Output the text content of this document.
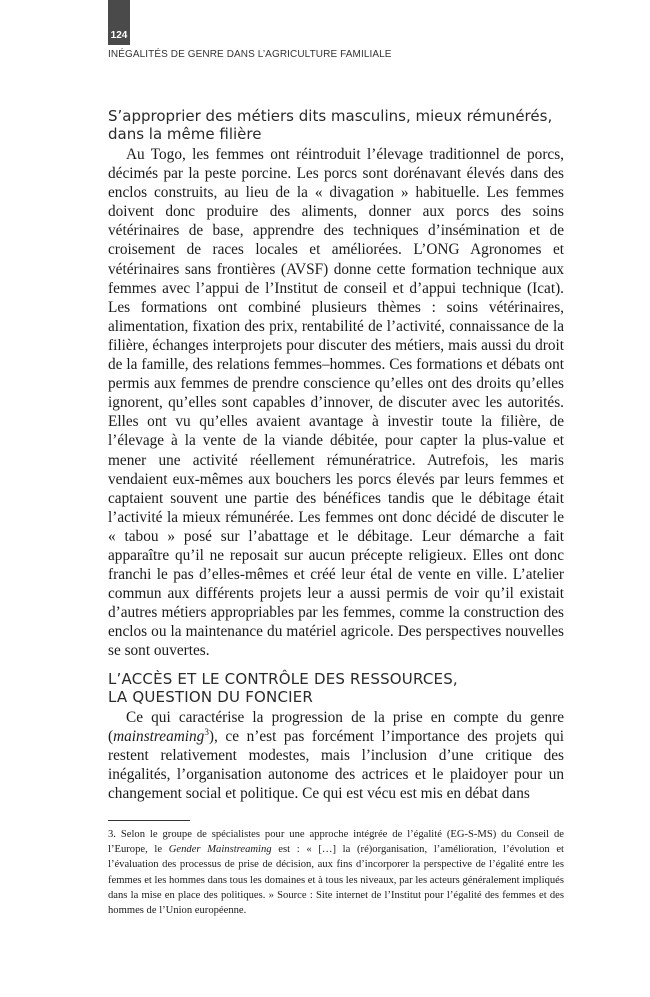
124
INÉGALITÉS DE GENRE DANS L’AGRICULTURE FAMILIALE
S’approprier des métiers dits masculins, mieux rémunérés,
dans la même filière

Au Togo, les femmes ont réintroduit l’élevage traditionnel de porcs, décimés par la peste porcine. Les porcs sont dorénavant élevés dans des enclos construits, au lieu de la « divagation » habituelle. Les femmes doivent donc produire des aliments, donner aux porcs des soins vétérinaires de base, apprendre des techniques d’insémination et de croisement de races locales et améliorées. L’ONG Agronomes et vétérinaires sans frontières (AVSF) donne cette formation technique aux femmes avec l’appui de l’Institut de conseil et d’appui technique (Icat). Les formations ont combiné plusieurs thèmes : soins vétérinaires, alimentation, fixation des prix, rentabilité de l’activité, connaissance de la filière, échanges interprojets pour discuter des métiers, mais aussi du droit de la famille, des relations femmes–hommes. Ces formations et débats ont permis aux femmes de prendre conscience qu’elles ont des droits qu’elles ignorent, qu’elles sont capables d’innover, de discuter avec les autorités. Elles ont vu qu’elles avaient avantage à investir toute la filière, de l’élevage à la vente de la viande débitée, pour capter la plus-value et mener une activité réellement rémunératrice. Autrefois, les maris vendaient eux-mêmes aux bouchers les porcs élevés par leurs femmes et captaient souvent une partie des bénéfices tandis que le débitage était l’activité la mieux rémunérée. Les femmes ont donc décidé de discuter le « tabou » posé sur l’abattage et le débitage. Leur démarche a fait apparaître qu’il ne reposait sur aucun précepte religieux. Elles ont donc franchi le pas d’elles-mêmes et créé leur étal de vente en ville. L’atelier commun aux différents projets leur a aussi permis de voir qu’il existait d’autres métiers appropriables par les femmes, comme la construction des enclos ou la maintenance du matériel agricole. Des perspectives nouvelles se sont ouvertes.

L’ACCÈS ET LE CONTRÔLE DES RESSOURCES,
LA QUESTION DU FONCIER

Ce qui caractérise la progression de la prise en compte du genre (mainstreaming$^3$), ce n’est pas forcément l’importance des projets qui restent relativement modestes, mais l’inclusion d’une critique des inégalités, l’organisation autonome des actrices et le plaidoyer pour un changement social et politique. Ce qui est vécu est mis en débat dans

3. Selon le groupe de spécialistes pour une approche intégrée de l’égalité (EG-S-MS) du Conseil de l’Europe, le Gender Mainstreaming est : « […] la (ré)organisation, l’amélioration, l’évolution et l’évaluation des processus de prise de décision, aux fins d’incorporer la perspective de l’égalité entre les femmes et les hommes dans tous les domaines et à tous les niveaux, par les acteurs généralement impliqués dans la mise en place des politiques. » Source : Site internet de l’Institut pour l’égalité des femmes et des hommes de l’Union européenne.
